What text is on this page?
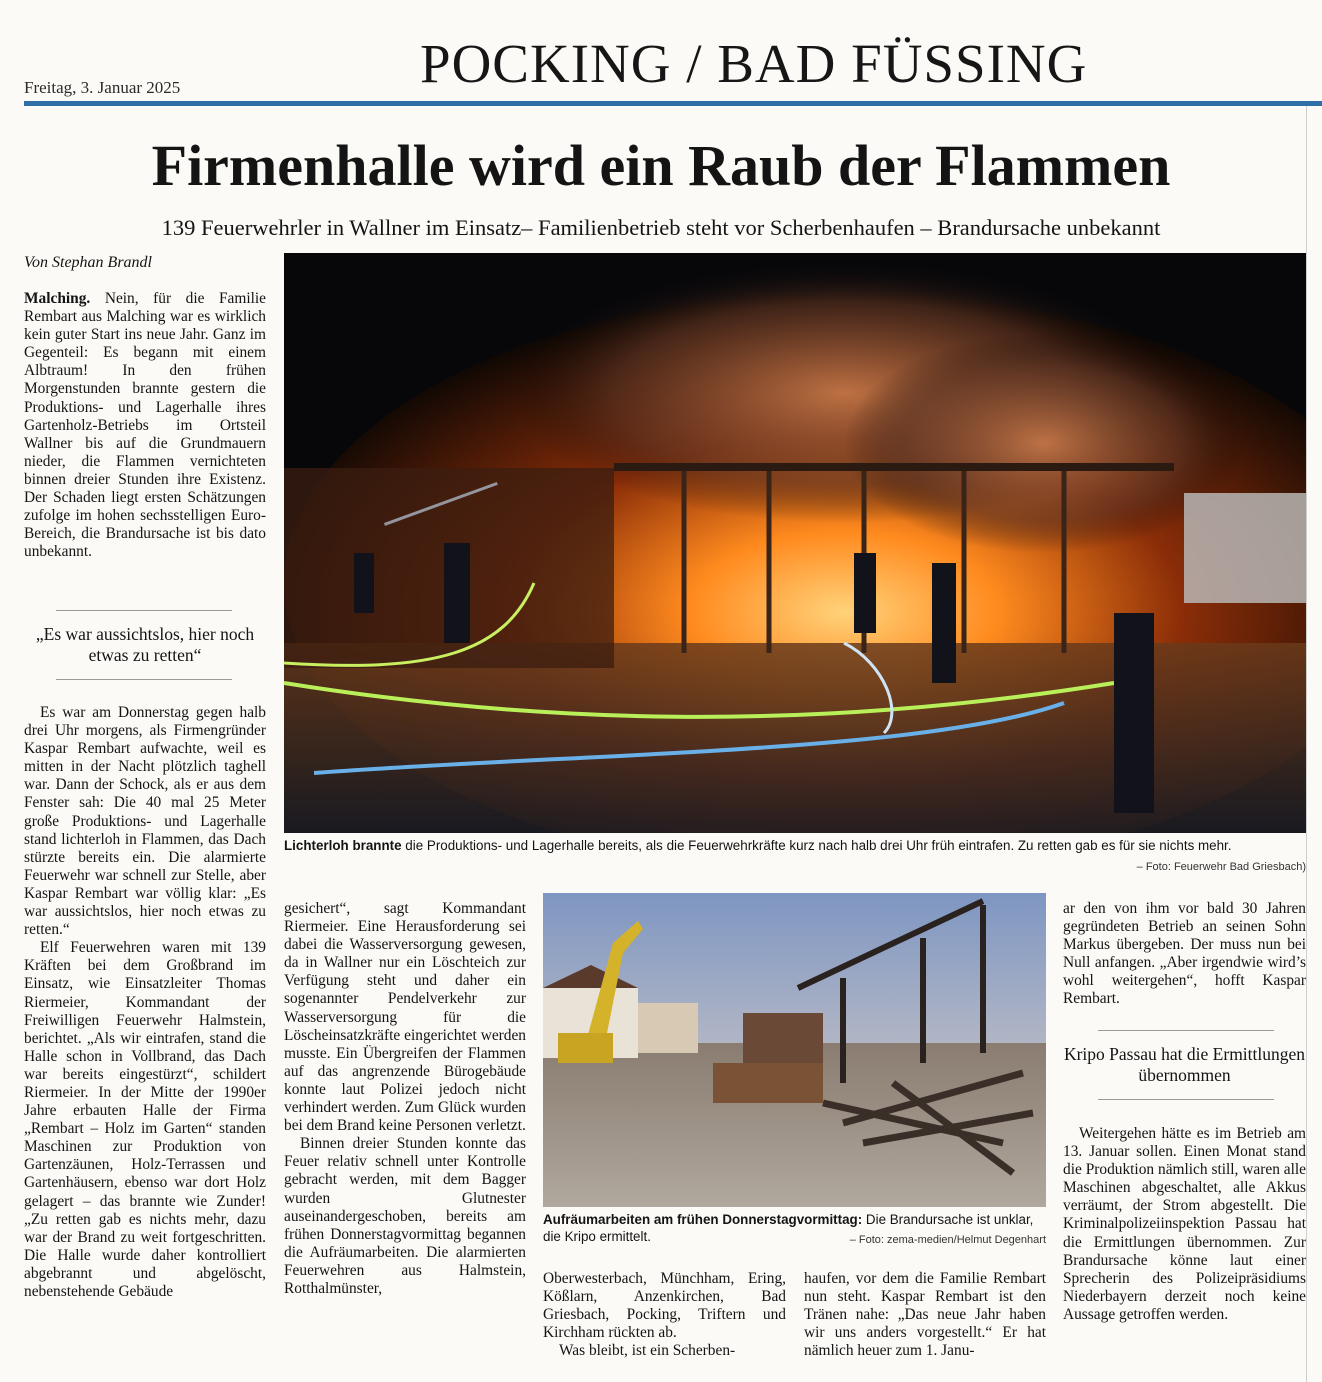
Freitag, 3. Januar 2025	POCKING / BAD FÜSSING
Firmenhalle wird ein Raub der Flammen
139 Feuerwehrler in Wallner im Einsatz– Familienbetrieb steht vor Scherbenhaufen – Brandursache unbekannt
Von Stephan Brandl

Malching. Nein, für die Familie Rembart aus Malching war es wirklich kein guter Start ins neue Jahr. Ganz im Gegenteil: Es begann mit einem Albtraum! In den frühen Morgenstunden brannte gestern die Produktions- und Lagerhalle ihres Gartenholz-Betriebs im Ortsteil Wallner bis auf die Grundmauern nieder, die Flammen vernichteten binnen dreier Stunden ihre Existenz. Der Schaden liegt ersten Schätzungen zufolge im hohen sechsstelligen Euro-Bereich, die Brandursache ist bis dato unbekannt.

„Es war aussichtslos, hier noch etwas zu retten“

Es war am Donnerstag gegen halb drei Uhr morgens, als Firmengründer Kaspar Rembart aufwachte, weil es mitten in der Nacht plötzlich taghell war. Dann der Schock, als er aus dem Fenster sah: Die 40 mal 25 Meter große Produktions- und Lagerhalle stand lichterloh in Flammen, das Dach stürzte bereits ein. Die alarmierte Feuerwehr war schnell zur Stelle, aber Kaspar Rembart war völlig klar: „Es war aussichtslos, hier noch etwas zu retten.“

Elf Feuerwehren waren mit 139 Kräften bei dem Großbrand im Einsatz, wie Einsatzleiter Thomas Riermeier, Kommandant der Freiwilligen Feuerwehr Halmstein, berichtet. „Als wir eintrafen, stand die Halle schon in Vollbrand, das Dach war bereits eingestürzt“, schildert Riermeier. In der Mitte der 1990er Jahre erbauten Halle der Firma „Rembart – Holz im Garten“ standen Maschinen zur Produktion von Gartenzäunen, Holz-Terrassen und Gartenhäusern, ebenso war dort Holz gelagert – das brannte wie Zunder! „Zu retten gab es nichts mehr, dazu war der Brand zu weit fortgeschritten. Die Halle wurde daher kontrolliert abgebrannt und abgelöscht, nebenstehende Gebäude

Lichterloh brannte die Produktions- und Lagerhalle bereits, als die Feuerwehrkräfte kurz nach halb drei Uhr früh eintrafen. Zu retten gab es für sie nichts mehr.
– Foto: Feuerwehr Bad Griesbach)

gesichert“, sagt Kommandant Riermeier. Eine Herausforderung sei dabei die Wasserversorgung gewesen, da in Wallner nur ein Löschteich zur Verfügung steht und daher ein sogenannter Pendelverkehr zur Wasserversorgung für die Löscheinsatzkräfte eingerichtet werden musste. Ein Übergreifen der Flammen auf das angrenzende Bürogebäude konnte laut Polizei jedoch nicht verhindert werden. Zum Glück wurden bei dem Brand keine Personen verletzt.

Binnen dreier Stunden konnte das Feuer relativ schnell unter Kontrolle gebracht werden, mit dem Bagger wurden Glutnester auseinandergeschoben, bereits am frühen Donnerstagvormittag begannen die Aufräumarbeiten. Die alarmierten Feuerwehren aus Halmstein, Rotthalmünster,

Aufräumarbeiten am frühen Donnerstagvormittag: Die Brandursache ist unklar, die Kripo ermittelt.	– Foto: zema-medien/Helmut Degenhart

Oberwesterbach, Münchham, Ering, Kößlarn, Anzenkirchen, Bad Griesbach, Pocking, Triftern und Kirchham rückten ab.

Was bleibt, ist ein Scherben-

haufen, vor dem die Familie Rembart nun steht. Kaspar Rembart ist den Tränen nahe: „Das neue Jahr haben wir uns anders vorgestellt.“ Er hat nämlich heuer zum 1. Janu-

ar den von ihm vor bald 30 Jahren gegründeten Betrieb an seinen Sohn Markus übergeben. Der muss nun bei Null anfangen. „Aber irgendwie wird’s wohl weitergehen“, hofft Kaspar Rembart.

Kripo Passau hat die Ermittlungen übernommen

Weitergehen hätte es im Betrieb am 13. Januar sollen. Einen Monat stand die Produktion nämlich still, waren alle Maschinen abgeschaltet, alle Akkus verräumt, der Strom abgestellt. Die Kriminalpolizeiinspektion Passau hat die Ermittlungen übernommen. Zur Brandursache könne laut einer Sprecherin des Polizeipräsidiums Niederbayern derzeit noch keine Aussage getroffen werden.
